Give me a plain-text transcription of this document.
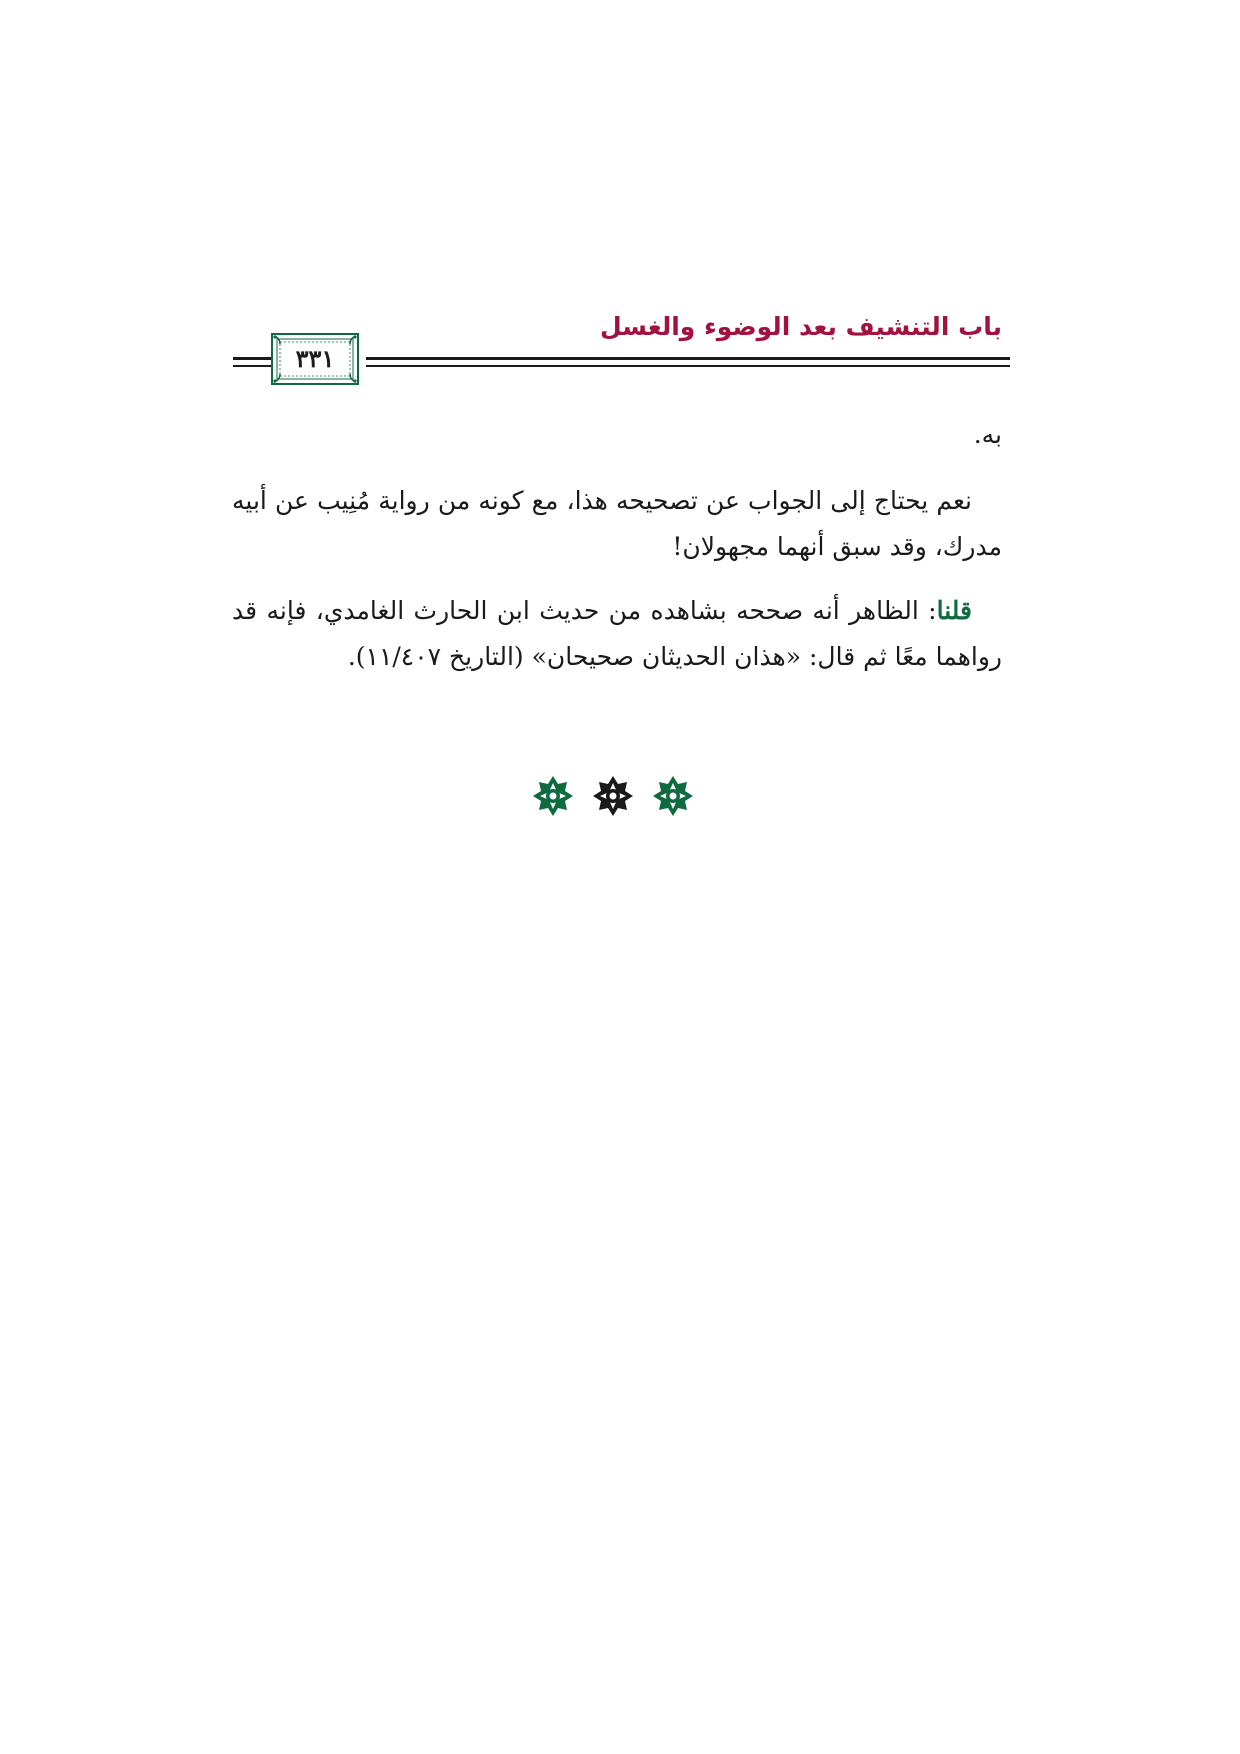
باب التنشيف بعد الوضوء والغسل
٣٣١
به.
نعم يحتاج إلى الجواب عن تصحيحه هذا، مع كونه من رواية مُنِيب عن أبيه مدرك، وقد سبق أنهما مجهولان!
قلنا: الظاهر أنه صححه بشاهده من حديث ابن الحارث الغامدي، فإنه قد رواهما معًا ثم قال: «هذان الحديثان صحيحان» (التاريخ ١١/٤٠٧).
